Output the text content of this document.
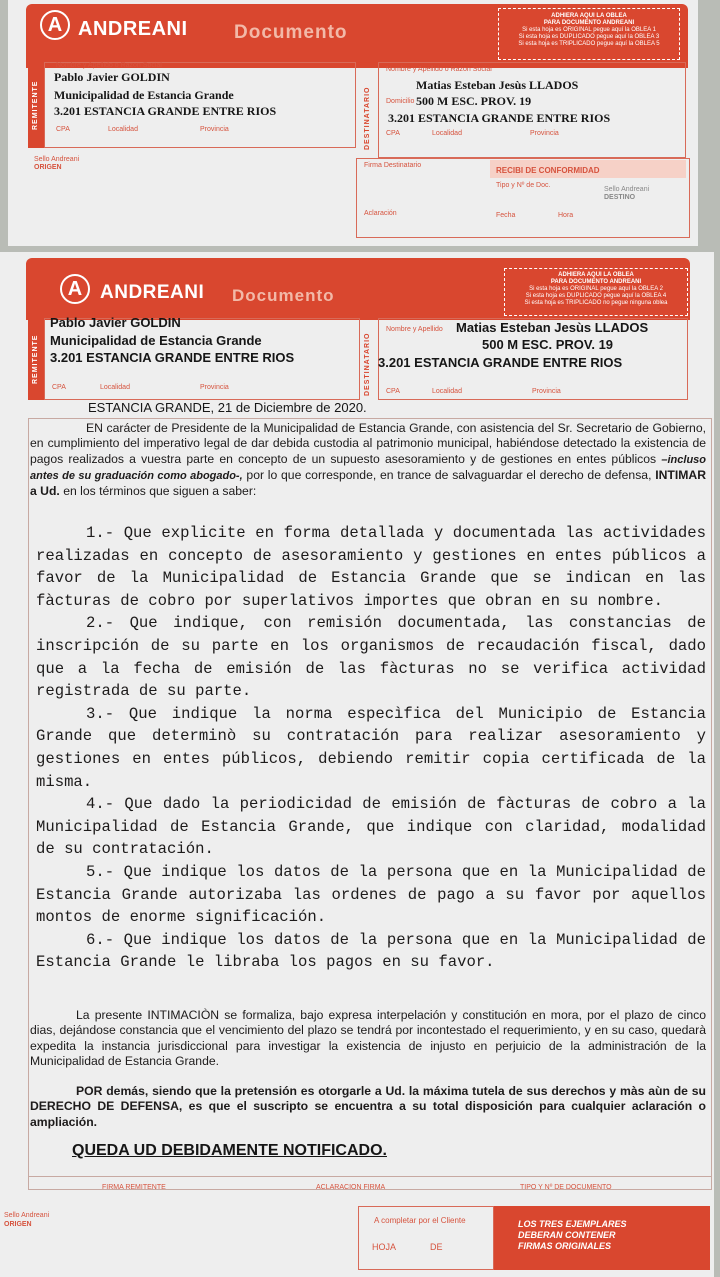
A ANDREANI Documento
ADHIERA AQUI LA OBLEA
PARA DOCUMENTO ANDREANI
Si esta hoja es ORIGINAL pegue aquí la OBLEA 1
Si esta hoja es DUPLICADO pegue aquí la OBLEA 3
Si esta hoja es TRIPLICADO pegue aquí la OBLEA 5
REMITENTE
Nombre y Apellido o Razon Social
Pablo Javier GOLDIN
Municipalidad de Estancia Grande
3.201 ESTANCIA GRANDE ENTRE RIOS
CPA	Localidad	Provincia	DESTINATARIO
Nombre y Apellido o Razon Social
Matias Esteban Jesùs LLADOS
Domicilio 500 M ESC. PROV. 19
3.201 ESTANCIA GRANDE ENTRE RIOS
CPA	Localidad	Provincia
Sello Andreani
ORIGEN	Firma Destinatario
RECIBI DE CONFORMIDAD
Tipo y Nº de Doc.
Sello Andreani
DESTINO
Aclaración	Fecha	Hora
A ANDREANI Documento
ADHIERA AQUI LA OBLEA
PARA DOCUMENTO ANDREANI
Si esta hoja es ORIGINAL pegue aquí la OBLEA 2
Si esta hoja es DUPLICADO pegue aquí la OBLEA 4
Si esta hoja es TRIPLICADO no pegue ninguna oblea
REMITENTE
Pablo Javier GOLDIN
Municipalidad de Estancia Grande
3.201 ESTANCIA GRANDE ENTRE RIOS
CPA	Localidad	Provincia	DESTINATARIO
Nombre y Apellido Matias Esteban Jesùs LLADOS
500 M ESC. PROV. 19
3.201 ESTANCIA GRANDE ENTRE RIOS
CPA	Localidad	Provincia
ESTANCIA GRANDE, 21 de Diciembre de 2020.
EN carácter de Presidente de la Municipalidad de Estancia Grande, con asistencia del Sr. Secretario de Gobierno, en cumplimiento del imperativo legal de dar debida custodia al patrimonio municipal, habiéndose detectado la existencia de pagos realizados a vuestra parte en concepto de un supuesto asesoramiento y de gestiones en entes públicos –incluso antes de su graduación como abogado-, por lo que corresponde, en trance de salvaguardar el derecho de defensa, INTIMAR a Ud. en los términos que siguen a saber:

1.- Que explicite en forma detallada y documentada las actividades realizadas en concepto de asesoramiento y gestiones en entes públicos a favor de la Municipalidad de Estancia Grande que se indican en las fàcturas de cobro por superlativos importes que obran en su nombre.

2.- Que indique, con remisión documentada, las constancias de inscripción de su parte en los organismos de recaudación fiscal, dado que a la fecha de emisión de las fàcturas no se verifica actividad registrada de su parte.

3.- Que indique la norma especìfica del Municipio de Estancia Grande que determinò su contratación para realizar asesoramiento y gestiones en entes públicos, debiendo remitir copia certificada de la misma.

4.- Que dado la periodicidad de emisión de fàcturas de cobro a la Municipalidad de Estancia Grande, que indique con claridad, modalidad de su contratación.

5.- Que indique los datos de la persona que en la Municipalidad de Estancia Grande autorizaba las ordenes de pago a su favor por aquellos montos de enorme significación.

6.- Que indique los datos de la persona que en la Municipalidad de Estancia Grande le libraba los pagos en su favor.

La presente INTIMACIÒN se formaliza, bajo expresa interpelación y constitución en mora, por el plazo de cinco dias, dejándose constancia que el vencimiento del plazo se tendrá por incontestado el requerimiento, y en su caso, quedarà expedita la instancia jurisdiccional para investigar la existencia de injusto en perjuicio de la administración de la Municipalidad de Estancia Grande.
POR demás, siendo que la pretensión es otorgarle a Ud. la máxima tutela de sus derechos y màs aùn de su DERECHO DE DEFENSA, es que el suscripto se encuentra a su total disposición para cualquier aclaración o ampliación.
QUEDA UD DEBIDAMENTE NOTIFICADO.
FIRMA REMITENTE	ACLARACION FIRMA	TIPO Y Nº DE DOCUMENTO
Sello Andreani
ORIGEN	A completar por el Cliente
HOJA	DE
LOS TRES EJEMPLARES
DEBERAN CONTENER
FIRMAS ORIGINALES
